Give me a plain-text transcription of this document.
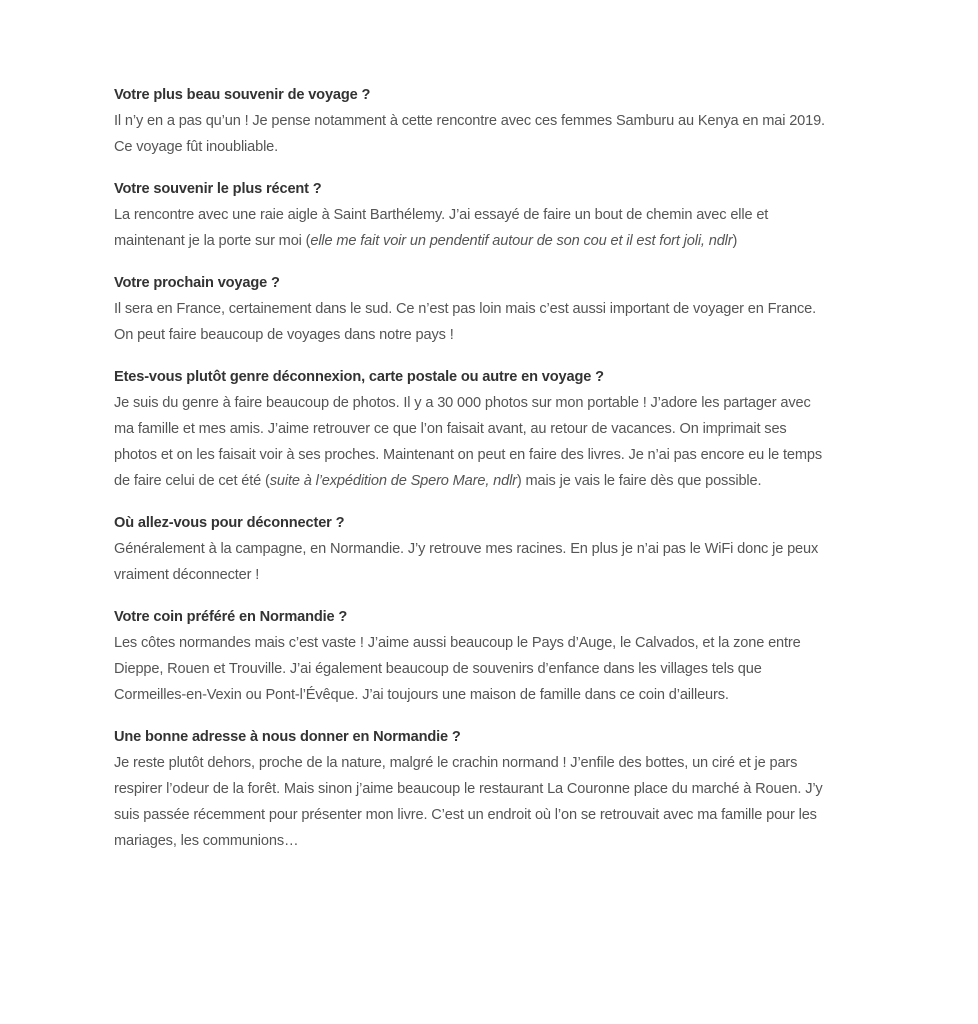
Votre plus beau souvenir de voyage ?

Il n’y en a pas qu’un ! Je pense notamment à cette rencontre avec ces femmes Samburu au Kenya en mai 2019. Ce voyage fût inoubliable.

Votre souvenir le plus récent ?

La rencontre avec une raie aigle à Saint Barthélemy. J’ai essayé de faire un bout de chemin avec elle et maintenant je la porte sur moi (elle me fait voir un pendentif autour de son cou et il est fort joli, ndlr)

Votre prochain voyage ?

Il sera en France, certainement dans le sud. Ce n’est pas loin mais c’est aussi important de voyager en France. On peut faire beaucoup de voyages dans notre pays !

Etes-vous plutôt genre déconnexion, carte postale ou autre en voyage ?

Je suis du genre à faire beaucoup de photos. Il y a 30 000 photos sur mon portable ! J’adore les partager avec ma famille et mes amis. J’aime retrouver ce que l’on faisait avant, au retour de vacances. On imprimait ses photos et on les faisait voir à ses proches. Maintenant on peut en faire des livres. Je n’ai pas encore eu le temps de faire celui de cet été (suite à l’expédition de Spero Mare, ndlr) mais je vais le faire dès que possible.

Où allez-vous pour déconnecter ?

Généralement à la campagne, en Normandie. J’y retrouve mes racines. En plus je n’ai pas le WiFi donc je peux vraiment déconnecter !

Votre coin préféré en Normandie ?

Les côtes normandes mais c’est vaste ! J’aime aussi beaucoup le Pays d’Auge, le Calvados, et la zone entre Dieppe, Rouen et Trouville. J’ai également beaucoup de souvenirs d’enfance dans les villages tels que Cormeilles-en-Vexin ou Pont-l’Évêque. J’ai toujours une maison de famille dans ce coin d’ailleurs.

Une bonne adresse à nous donner en Normandie ?

Je reste plutôt dehors, proche de la nature, malgré le crachin normand ! J’enfile des bottes, un ciré et je pars respirer l’odeur de la forêt. Mais sinon j’aime beaucoup le restaurant La Couronne place du marché à Rouen. J’y suis passée récemment pour présenter mon livre. C’est un endroit où l’on se retrouvait avec ma famille pour les mariages, les communions…
